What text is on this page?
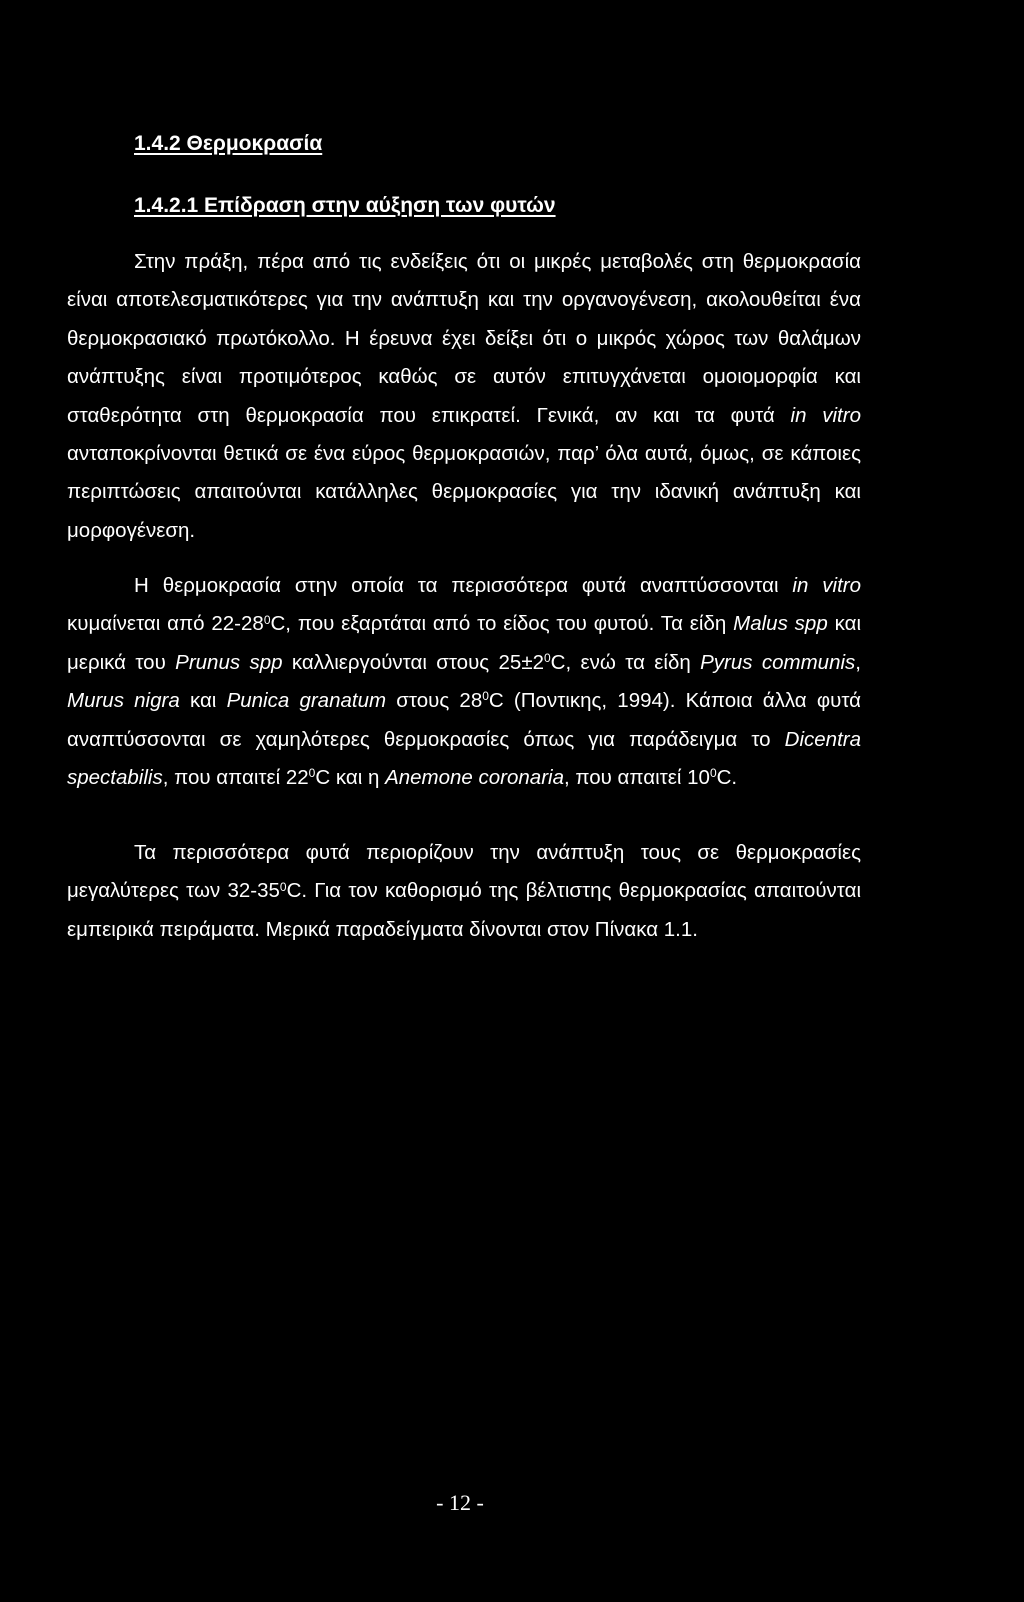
1.4.2 Θερμοκρασία
1.4.2.1 Επίδραση στην αύξηση των φυτών

Στην πράξη, πέρα από τις ενδείξεις ότι οι μικρές μεταβολές στη θερμοκρασία είναι αποτελεσματικότερες για την ανάπτυξη και την οργανογένεση, ακολουθείται ένα θερμοκρασιακό πρωτόκολλο. Η έρευνα έχει δείξει ότι ο μικρός χώρος των θαλάμων ανάπτυξης είναι προτιμότερος καθώς σε αυτόν επιτυγχάνεται ομοιομορφία και σταθερότητα στη θερμοκρασία που επικρατεί. Γενικά, αν και τα φυτά in vitro ανταποκρίνονται θετικά σε ένα εύρος θερμοκρασιών, παρ’ όλα αυτά, όμως, σε κάποιες περιπτώσεις απαιτούνται κατάλληλες θερμοκρασίες για την ιδανική ανάπτυξη και μορφογένεση.

Η θερμοκρασία στην οποία τα περισσότερα φυτά αναπτύσσονται in vitro κυμαίνεται από $22-28^0C$, που εξαρτάται από το είδος του φυτού. Τα είδη Malus spp και μερικά του Prunus spp καλλιεργούνται στους $25\pm 2^0C$, ενώ τα είδη Pyrus communis, Murus nigra και Punica granatum στους $28^0C$ (Ποντικης, 1994). Κάποια άλλα φυτά αναπτύσσονται σε χαμηλότερες θερμοκρασίες όπως για παράδειγμα το Dicentra spectabilis, που απαιτεί $22^0C$ και η Anemone coronaria, που απαιτεί $10^0C$.

Τα περισσότερα φυτά περιορίζουν την ανάπτυξη τους σε θερμοκρασίες μεγαλύτερες των $32-35^0C$. Για τον καθορισμό της βέλτιστης θερμοκρασίας απαιτούνται εμπειρικά πειράματα. Μερικά παραδείγματα δίνονται στον Πίνακα 1.1.

- 12 -
